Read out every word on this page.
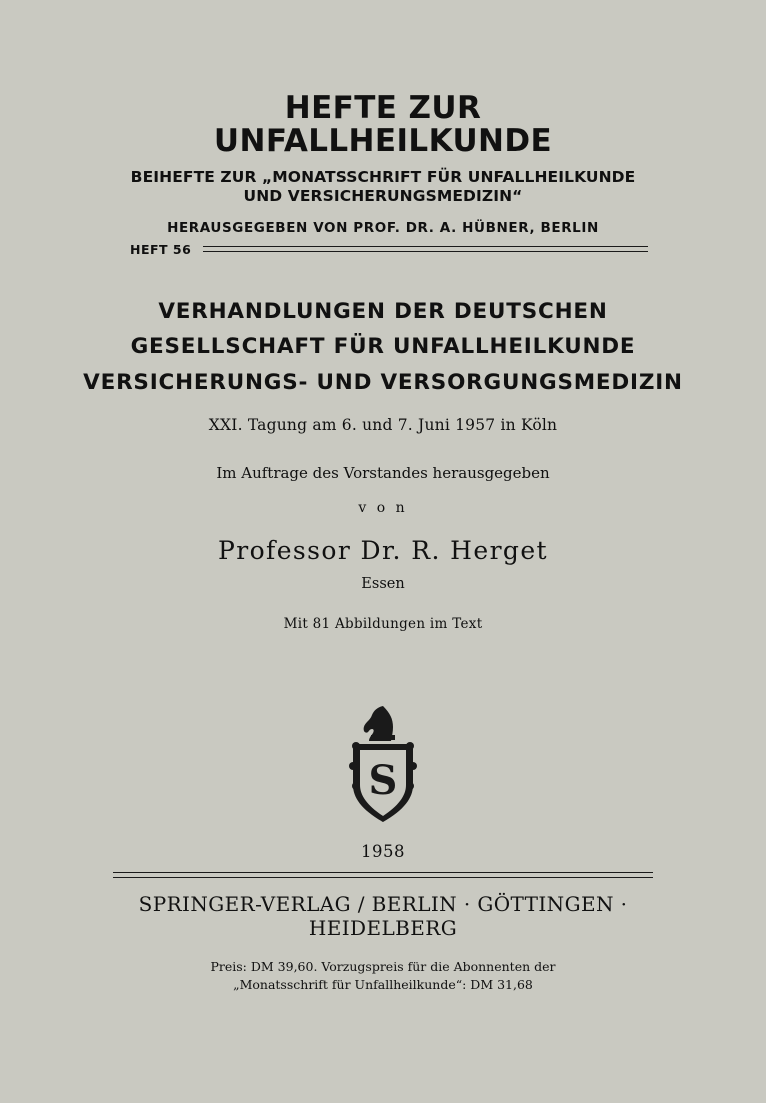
HEFTE ZUR UNFALLHEILKUNDE
BEIHEFTE ZUR „MONATSSCHRIFT FÜR UNFALLHEILKUNDE
UND VERSICHERUNGSMEDIZIN“
HERAUSGEGEBEN VON PROF. DR. A. HÜBNER, BERLIN
HEFT 56
VERHANDLUNGEN DER DEUTSCHEN
GESELLSCHAFT FÜR UNFALLHEILKUNDE
VERSICHERUNGS- UND VERSORGUNGSMEDIZIN
XXI. Tagung am 6. und 7. Juni 1957 in Köln
Im Auftrage des Vorstandes herausgegeben
v o n
Professor Dr. R. Herget
Essen
Mit 81 Abbildungen im Text
S
1958
SPRINGER-VERLAG / BERLIN · GÖTTINGEN · HEIDELBERG
Preis: DM 39,60. Vorzugspreis für die Abonnenten der
„Monatsschrift für Unfallheilkunde“: DM 31,68
